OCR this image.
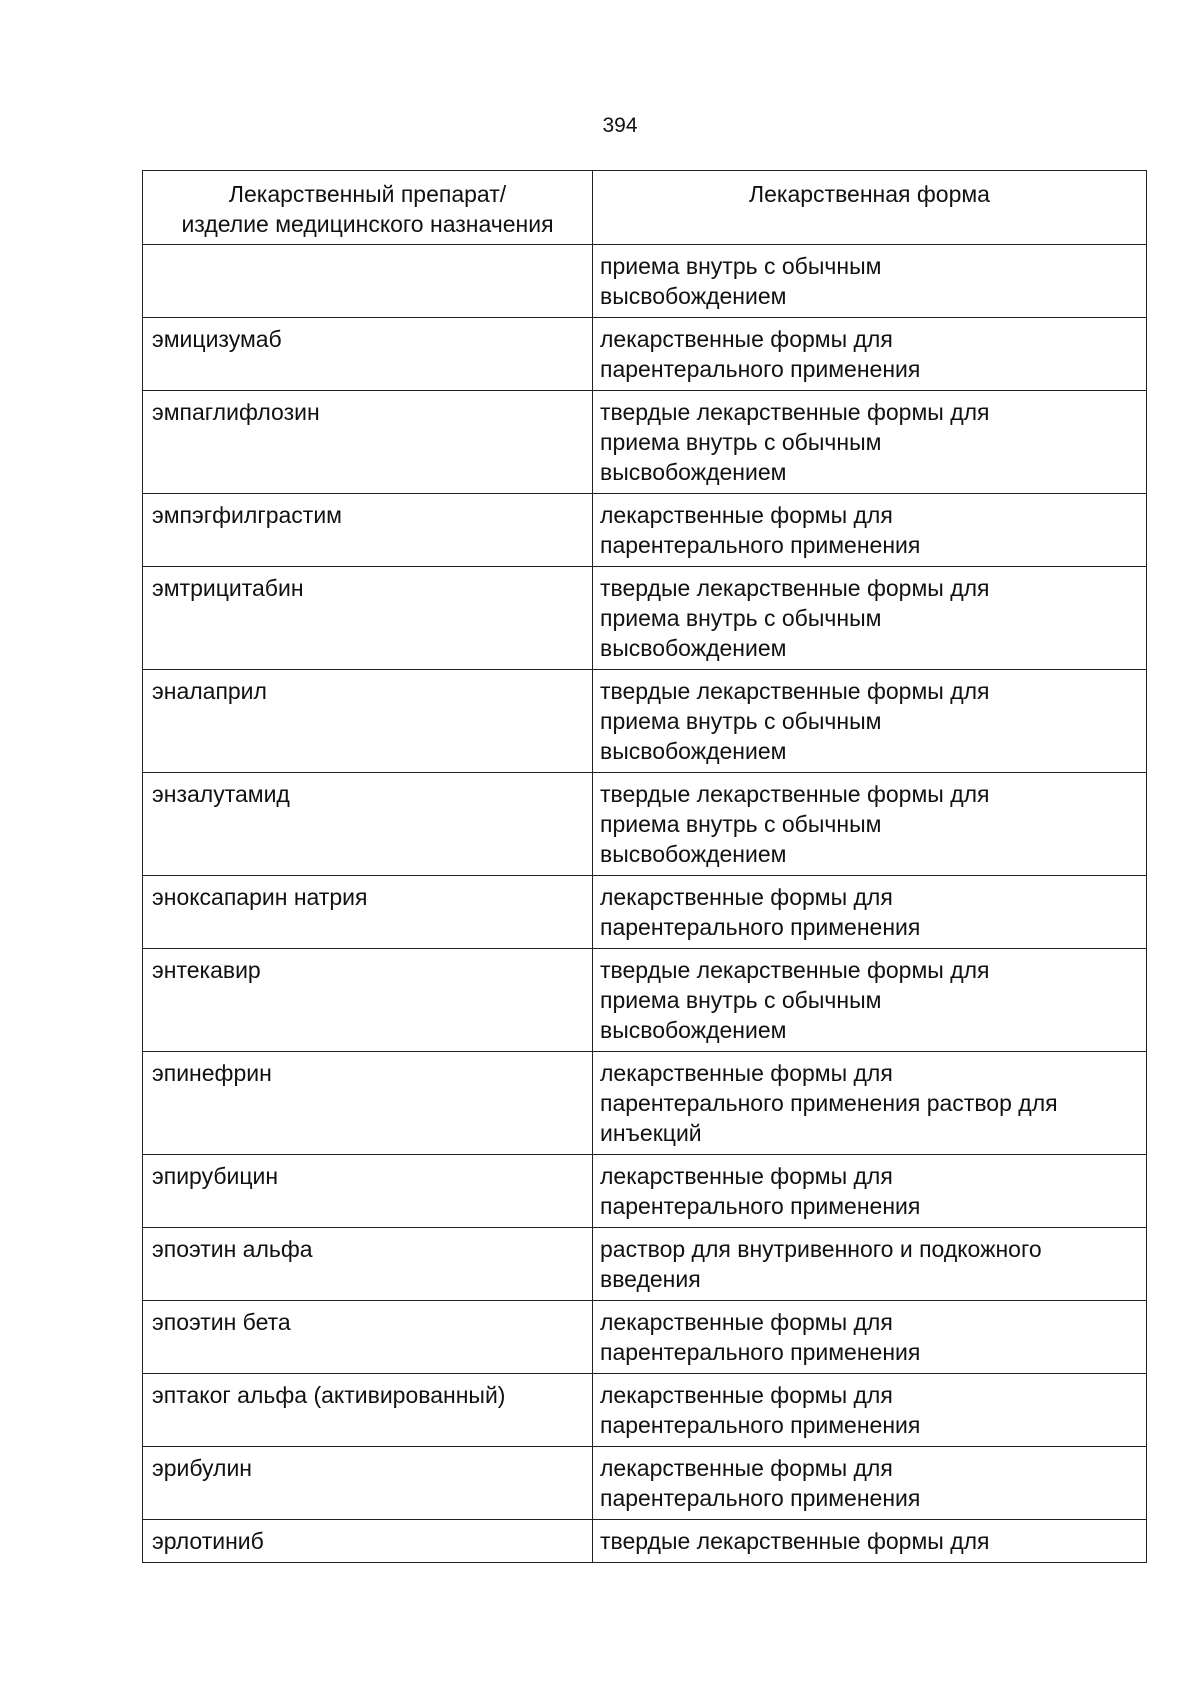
394
Лекарственный препарат/
изделие медицинского назначения	Лекарственная форма
	приема внутрь с обычным
высвобождением
эмицизумаб	лекарственные формы для
парентерального применения
эмпаглифлозин	твердые лекарственные формы для
приема внутрь с обычным
высвобождением
эмпэгфилграстим	лекарственные формы для
парентерального применения
эмтрицитабин	твердые лекарственные формы для
приема внутрь с обычным
высвобождением
эналаприл	твердые лекарственные формы для
приема внутрь с обычным
высвобождением
энзалутамид	твердые лекарственные формы для
приема внутрь с обычным
высвобождением
эноксапарин натрия	лекарственные формы для
парентерального применения
энтекавир	твердые лекарственные формы для
приема внутрь с обычным
высвобождением
эпинефрин	лекарственные формы для
парентерального применения раствор для
инъекций
эпирубицин	лекарственные формы для
парентерального применения
эпоэтин альфа	раствор для внутривенного и подкожного
введения
эпоэтин бета	лекарственные формы для
парентерального применения
эптаког альфа (активированный)	лекарственные формы для
парентерального применения
эрибулин	лекарственные формы для
парентерального применения
эрлотиниб	твердые лекарственные формы для
